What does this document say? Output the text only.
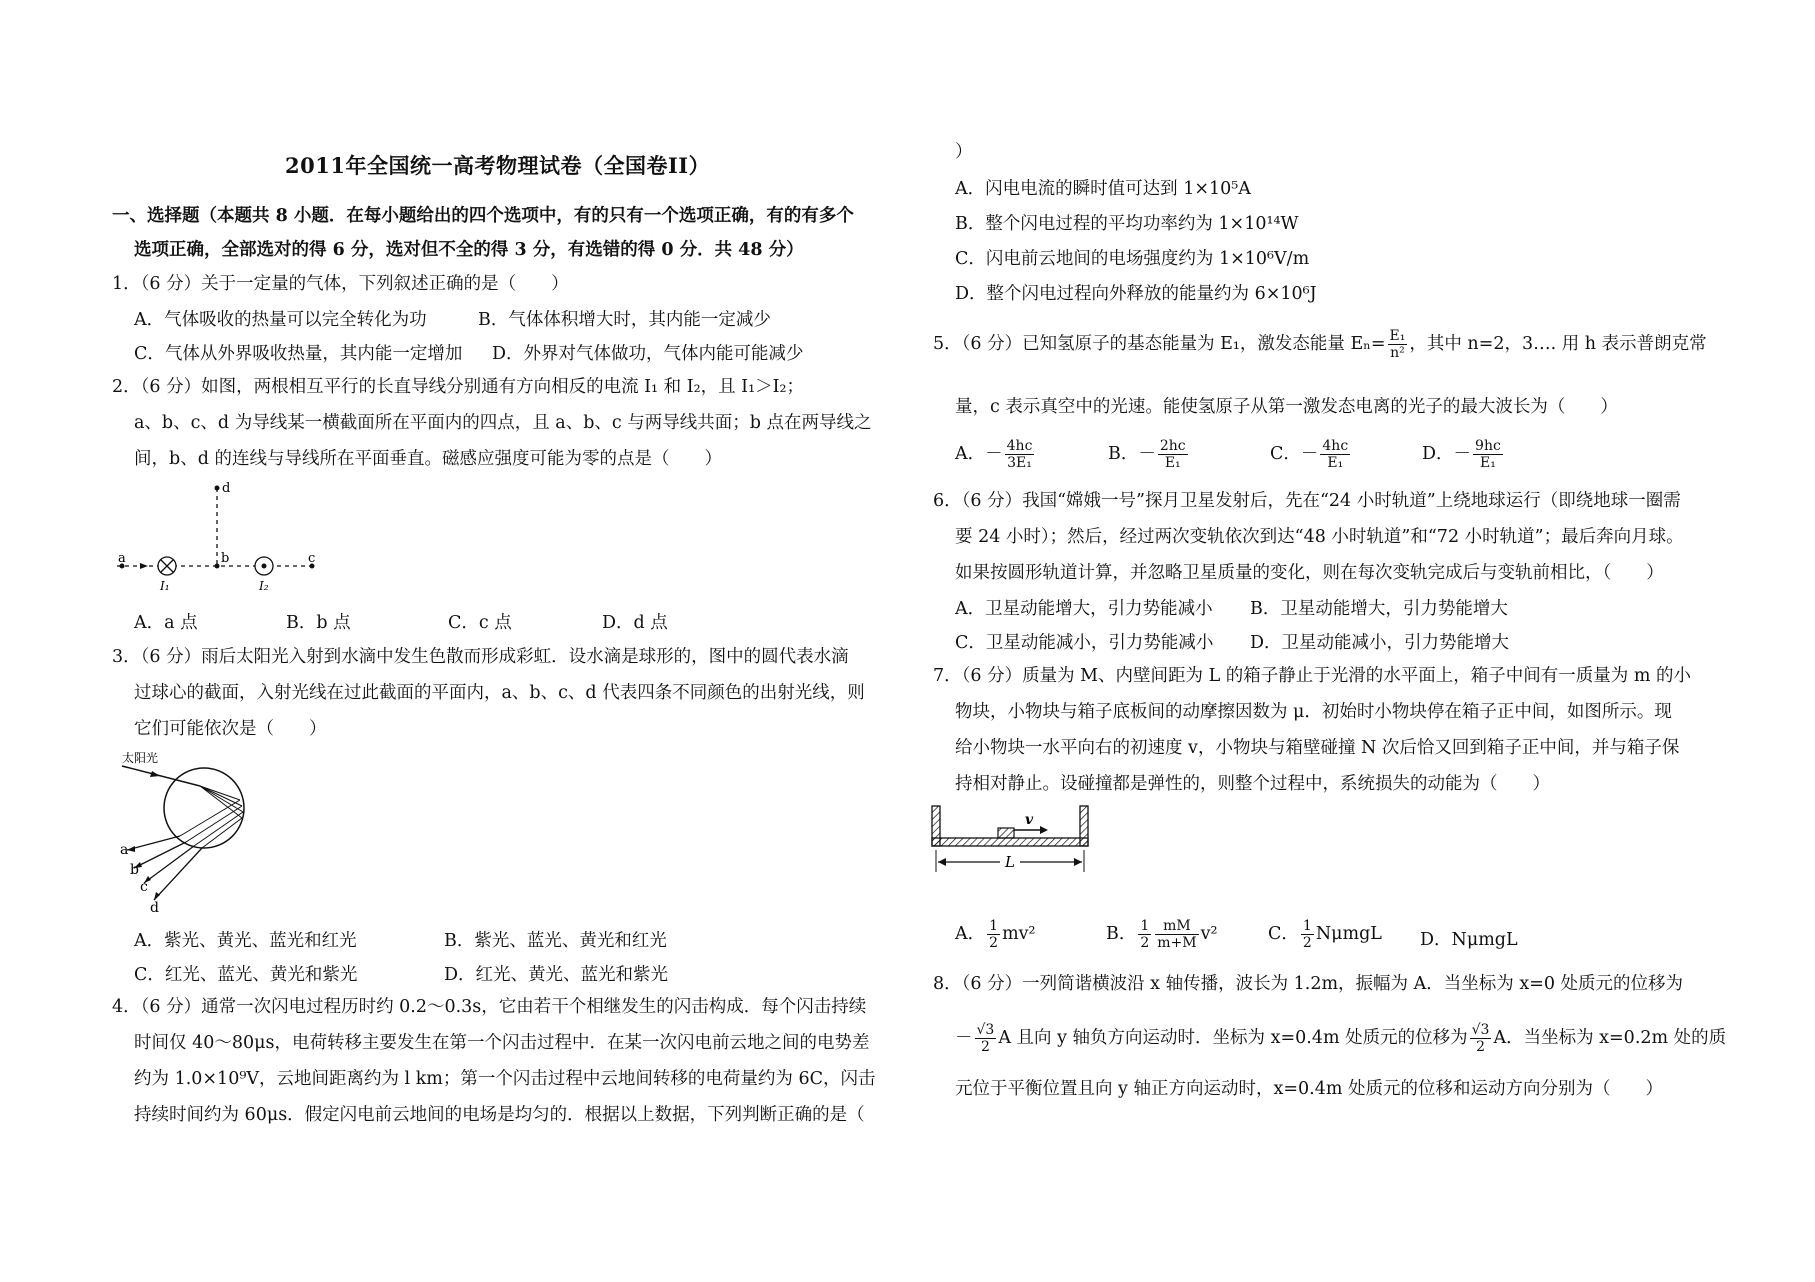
2011年全国统一高考物理试卷（全国卷II）
一、选择题（本题共 8 小题．在每小题给出的四个选项中，有的只有一个选项正确，有的有多个
选项正确，全部选对的得 6 分，选对但不全的得 3 分，有选错的得 0 分．共 48 分）
1．（6 分）关于一定量的气体，下列叙述正确的是（　　）
A．气体吸收的热量可以完全转化为功	B．气体体积增大时，其内能一定减少
C．气体从外界吸收热量，其内能一定增加 D．外界对气体做功，气体内能可能减少
2．（6 分）如图，两根相互平行的长直导线分别通有方向相反的电流 I₁ 和 I₂，且 I₁＞I₂；
a、b、c、d 为导线某一横截面所在平面内的四点，且 a、b、c 与两导线共面；b 点在两导线之
间，b、d 的连线与导线所在平面垂直。磁感应强度可能为零的点是（　　）
a
d
b	c
I₁	I₂
A．a 点	B．b 点	C．c 点	D．d 点
3．（6 分）雨后太阳光入射到水滴中发生色散而形成彩虹．设水滴是球形的，图中的圆代表水滴
过球心的截面，入射光线在过此截面的平面内，a、b、c、d 代表四条不同颜色的出射光线，则
它们可能依次是（　　）
太阳光
a
b
c
d
A．紫光、黄光、蓝光和红光	B．紫光、蓝光、黄光和红光
C．红光、蓝光、黄光和紫光	D．红光、黄光、蓝光和紫光
4．（6 分）通常一次闪电过程历时约 0.2～0.3s，它由若干个相继发生的闪击构成．每个闪击持续
时间仅 40～80μs，电荷转移主要发生在第一个闪击过程中．在某一次闪电前云地之间的电势差
约为 1.0×10⁹V，云地间距离约为 l km；第一个闪击过程中云地间转移的电荷量约为 6C，闪击
持续时间约为 60μs．假定闪电前云地间的电场是均匀的．根据以上数据，下列判断正确的是（
）
A．闪电电流的瞬时值可达到 1×10⁵A
B．整个闪电过程的平均功率约为 1×10¹⁴W
C．闪电前云地间的电场强度约为 1×10⁶V/m
D．整个闪电过程向外释放的能量约为 6×10⁶J
5．（6 分）已知氢原子的基态能量为 E₁，激发态能量 $E_n= \frac{\text{E₁}}{\text{n²}}$ ，其中 n=2，3…. 用 h 表示普朗克常
量，c 表示真空中的光速。能使氢原子从第一激发态电离的光子的最大波长为（　　）
A．－ $\frac{4hc}{\text{3E₁}}$	B．－ $\frac{2hc}{\text{E₁}}$	C．－ $\frac{4hc}{\text{E₁}}$	D．－ $\frac{9hc}{\text{E₁}}$
6．（6 分）我国“嫦娥一号”探月卫星发射后，先在“24 小时轨道”上绕地球运行（即绕地球一圈需
要 24 小时）；然后，经过两次变轨依次到达“48 小时轨道”和“72 小时轨道”；最后奔向月球。
如果按圆形轨道计算，并忽略卫星质量的变化，则在每次变轨完成后与变轨前相比，（　　）
A．卫星动能增大，引力势能减小 B．卫星动能增大，引力势能增大
C．卫星动能减小，引力势能减小 D．卫星动能减小，引力势能增大
7．（6 分）质量为 M、内壁间距为 L 的箱子静止于光滑的水平面上，箱子中间有一质量为 m 的小
物块，小物块与箱子底板间的动摩擦因数为 μ．初始时小物块停在箱子正中间，如图所示。现
给小物块一水平向右的初速度 v，小物块与箱壁碰撞 N 次后恰又回到箱子正中间，并与箱子保
持相对静止。设碰撞都是弹性的，则整个过程中，系统损失的动能为（　　）
v
L
A． $\frac{1}{2} mv^2$	B． $\frac{1}{2} \frac{mM}{m+M} v^2$	C． $\frac{1}{2}$ NμmgL D．NμmgL
8．（6 分）一列简谐横波沿 x 轴传播，波长为 1.2m，振幅为 A．当坐标为 x=0 处质元的位移为
－ $\frac{√3}{2}$ A 且向 y 轴负方向运动时．坐标为 x=0.4m 处质元的位移为 $\frac{√3}{2}$ A．当坐标为 x=0.2m 处的质
元位于平衡位置且向 y 轴正方向运动时，x=0.4m 处质元的位移和运动方向分别为（　　）
